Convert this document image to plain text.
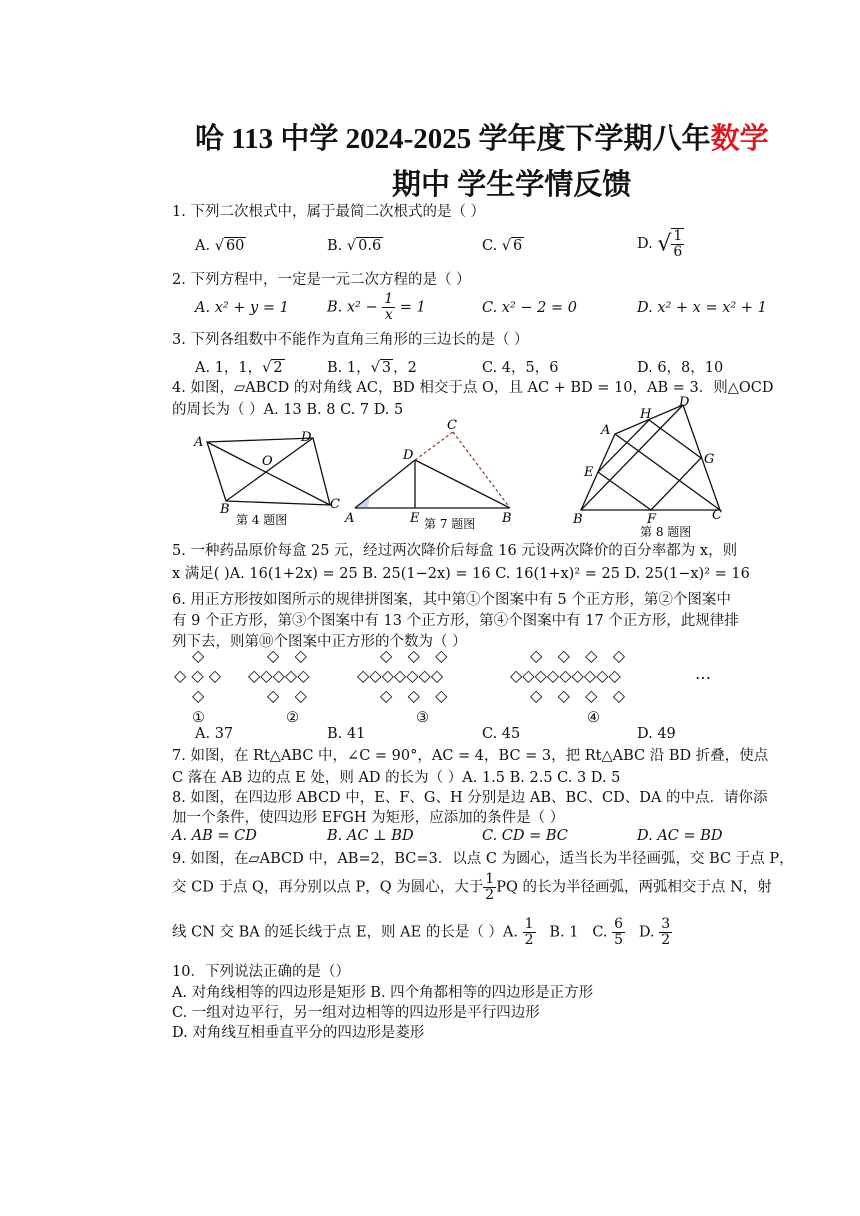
哈 113 中学 2024-2025 学年度下学期八年数学
期中 学生学情反馈
1. 下列二次根式中，属于最简二次根式的是（ ）
A. √ 60	B. √ 0.6	C. √ 6	D. √ $\frac{1}{6}$
2. 下列方程中，一定是一元二次方程的是（ ）
A. x² + y = 1	B. $x^2 - \frac{1}{x} = 1$	C. x² − 2 = 0	D. x² + x = x² + 1
3. 下列各组数中不能作为直角三角形的三边长的是（ ）
A. 1，1，√ 2	B. 1，√ 3 ，2	C. 4，5，6	D. 6，8，10
4. 如图，▱ABCD 的对角线 AC，BD 相交于点 O，且 AC + BD = 10，AB = 3．则△OCD
的周长为（ ）A. 13 B. 8 C. 7 D. 5
A	D
O
B	C
第 4 题图
C
D
A	E	B
第 7 题图
H
D
A
G
E
B	F	C
第 8 题图
5. 一种药品原价每盒 25 元，经过两次降价后每盒 16 元设两次降价的百分率都为 x，则
x 满足( )A. 16(1+2x) = 25 B. 25(1−2x) = 16 C. 16(1+x)² = 25 D. 25(1−x)² = 16
6. 用正方形按如图所示的规律拼图案，其中第①个图案中有 5 个正方形，第②个图案中
有 9 个正方形，第③个图案中有 13 个正方形，第④个图案中有 17 个正方形，此规律排
列下去，则第⑩个图案中正方形的个数为（ ）
◇
◇ ◇ ◇
◇
◇   ◇
◇◇◇◇◇
◇   ◇
◇   ◇   ◇
◇◇◇◇◇◇◇
◇   ◇   ◇
◇   ◇   ◇   ◇
◇◇◇◇◇◇◇◇◇
◇   ◇   ◇   ◇
…
①	②	③	④
A. 37	B. 41	C. 45	D. 49
7. 如图，在 Rt△ABC 中，∠C = 90°，AC = 4，BC = 3，把 Rt△ABC 沿 BD 折叠，使点
C 落在 AB 边的点 E 处，则 AD 的长为（ ）A. 1.5 B. 2.5 C. 3 D. 5
8. 如图，在四边形 ABCD 中，E、F、G、H 分别是边 AB、BC、CD、DA 的中点．请你添
加一个条件，使四边形 EFGH 为矩形，应添加的条件是（ ）
A. AB = CD	B. AC ⊥ BD	C. CD = BC	D. AC = BD
9. 如图，在▱ABCD 中，AB=2，BC=3．以点 C 为圆心，适当长为半径画弧，交 BC 于点 P，
交 CD 于点 Q，再分别以点 P，Q 为圆心，大于 $\frac{1}{2}$ PQ 的长为半径画弧，两弧相交于点 N，射
线 CN 交 BA 的延长线于点 E，则 AE 的长是（ ）A. $\frac{1}{2} B$. 1 C. $\frac{6}{5} D$. $\frac{3}{2}$
10．下列说法正确的是（）
A. 对角线相等的四边形是矩形 B. 四个角都相等的四边形是正方形
C. 一组对边平行，另一组对边相等的四边形是平行四边形
D. 对角线互相垂直平分的四边形是菱形
